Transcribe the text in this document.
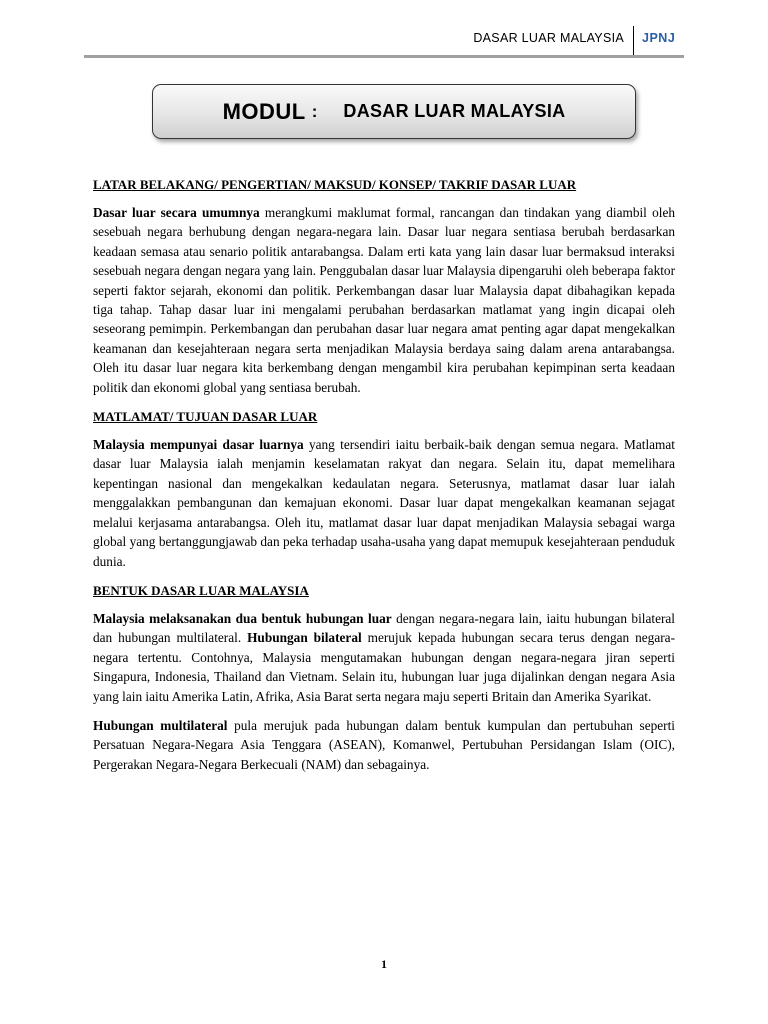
DASAR LUAR MALAYSIA JPNJ
MODUL : DASAR LUAR MALAYSIA
LATAR BELAKANG/ PENGERTIAN/ MAKSUD/ KONSEP/ TAKRIF DASAR LUAR

Dasar luar secara umumnya merangkumi maklumat formal, rancangan dan tindakan yang diambil oleh sesebuah negara berhubung dengan negara-negara lain. Dasar luar negara sentiasa berubah berdasarkan keadaan semasa atau senario politik antarabangsa. Dalam erti kata yang lain dasar luar bermaksud interaksi sesebuah negara dengan negara yang lain. Penggubalan dasar luar Malaysia dipengaruhi oleh beberapa faktor seperti faktor sejarah, ekonomi dan politik. Perkembangan dasar luar Malaysia dapat dibahagikan kepada tiga tahap. Tahap dasar luar ini mengalami perubahan berdasarkan matlamat yang ingin dicapai oleh seseorang pemimpin. Perkembangan dan perubahan dasar luar negara amat penting agar dapat mengekalkan keamanan dan kesejahteraan negara serta menjadikan Malaysia berdaya saing dalam arena antarabangsa. Oleh itu dasar luar negara kita berkembang dengan mengambil kira perubahan kepimpinan serta keadaan politik dan ekonomi global yang sentiasa berubah.

MATLAMAT/ TUJUAN DASAR LUAR

Malaysia mempunyai dasar luarnya yang tersendiri iaitu berbaik-baik dengan semua negara. Matlamat dasar luar Malaysia ialah menjamin keselamatan rakyat dan negara. Selain itu, dapat memelihara kepentingan nasional dan mengekalkan kedaulatan negara. Seterusnya, matlamat dasar luar ialah menggalakkan pembangunan dan kemajuan ekonomi. Dasar luar dapat mengekalkan keamanan sejagat melalui kerjasama antarabangsa. Oleh itu, matlamat dasar luar dapat menjadikan Malaysia sebagai warga global yang bertanggungjawab dan peka terhadap usaha-usaha yang dapat memupuk kesejahteraan penduduk dunia.

BENTUK DASAR LUAR MALAYSIA

Malaysia melaksanakan dua bentuk hubungan luar dengan negara-negara lain, iaitu hubungan bilateral dan hubungan multilateral. Hubungan bilateral merujuk kepada hubungan secara terus dengan negara-negara tertentu. Contohnya, Malaysia mengutamakan hubungan dengan negara-negara jiran seperti Singapura, Indonesia, Thailand dan Vietnam. Selain itu, hubungan luar juga dijalinkan dengan negara Asia yang lain iaitu Amerika Latin, Afrika, Asia Barat serta negara maju seperti Britain dan Amerika Syarikat.

Hubungan multilateral pula merujuk pada hubungan dalam bentuk kumpulan dan pertubuhan seperti Persatuan Negara-Negara Asia Tenggara (ASEAN), Komanwel, Pertubuhan Persidangan Islam (OIC), Pergerakan Negara-Negara Berkecuali (NAM) dan sebagainya.

1
